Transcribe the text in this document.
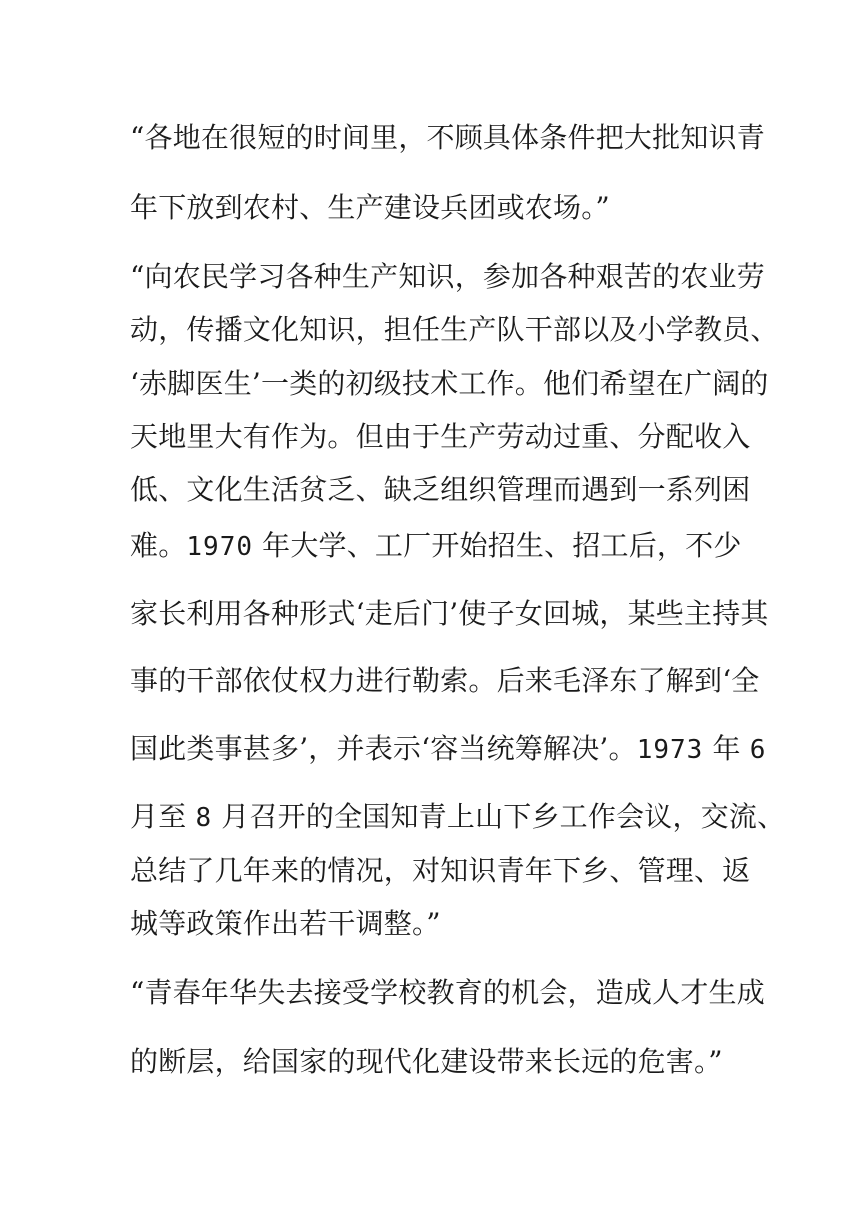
“各地在很短的时间里，不顾具体条件把大批知识青
年下放到农村、生产建设兵团或农场。”
“向农民学习各种生产知识，参加各种艰苦的农业劳
动，传播文化知识，担任生产队干部以及小学教员、
‘赤脚医生’一类的初级技术工作。他们希望在广阔的
天地里大有作为。但由于生产劳动过重、分配收入
低、文化生活贫乏、缺乏组织管理而遇到一系列困
难。1970 年大学、工厂开始招生、招工后，不少
家长利用各种形式‘走后门’使子女回城，某些主持其
事的干部依仗权力进行勒索。后来毛泽东了解到‘全
国此类事甚多’，并表示‘容当统筹解决’。1973 年 6
月至 8 月召开的全国知青上山下乡工作会议，交流、
总结了几年来的情况，对知识青年下乡、管理、返
城等政策作出若干调整。”
“青春年华失去接受学校教育的机会，造成人才生成
的断层，给国家的现代化建设带来长远的危害。”
